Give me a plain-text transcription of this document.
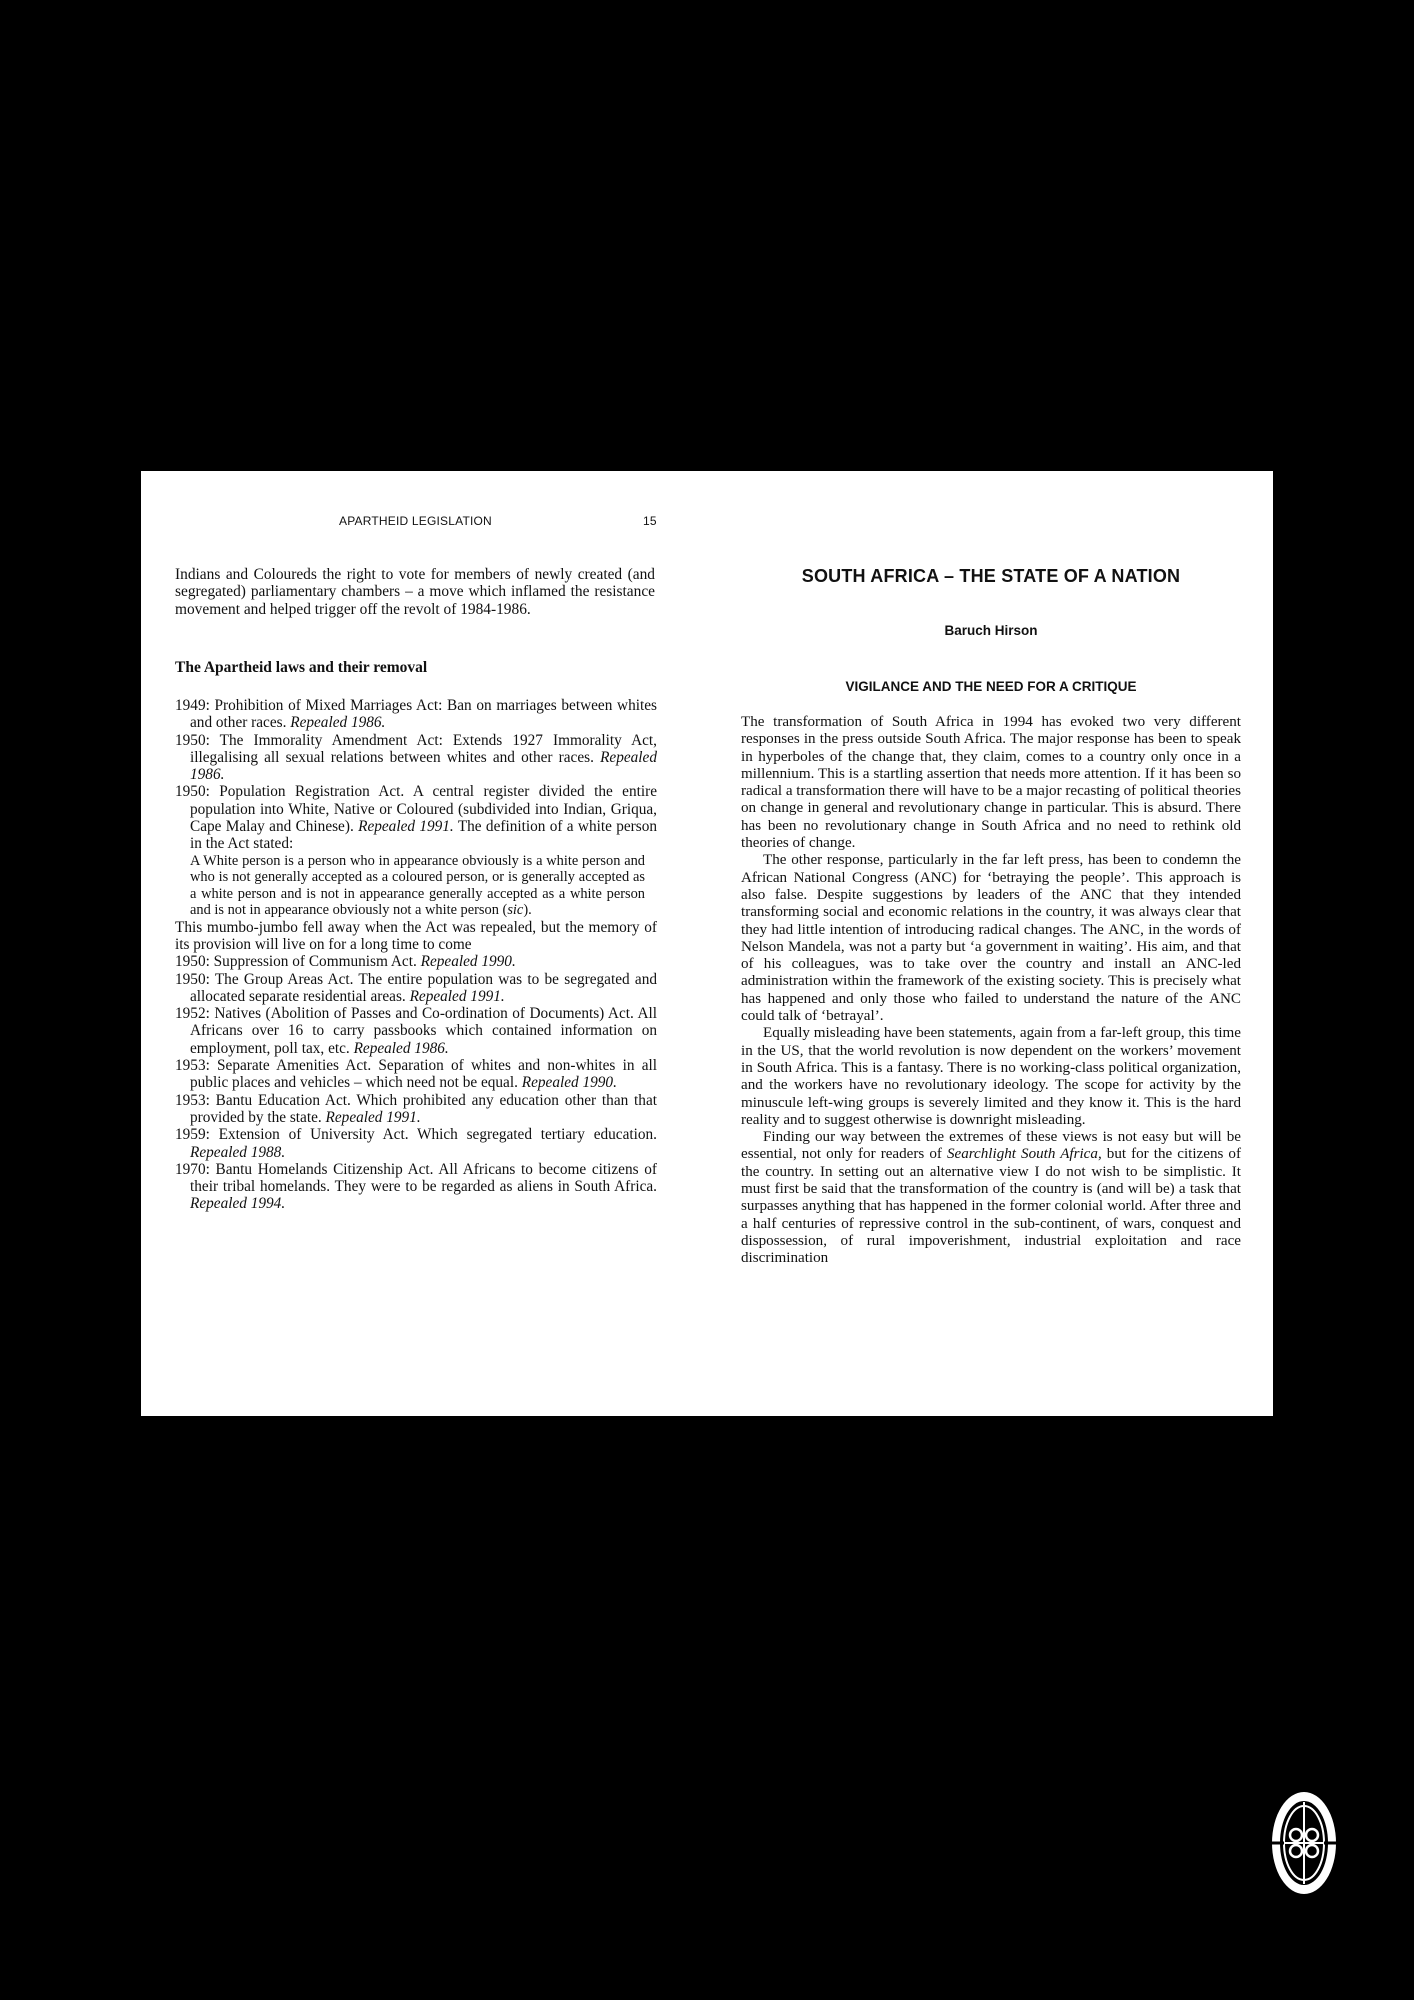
APARTHEID LEGISLATION	15

Indians and Coloureds the right to vote for members of newly created (and segregated) parliamentary chambers – a move which inflamed the resistance movement and helped trigger off the revolt of 1984-1986.

The Apartheid laws and their removal

1949: Prohibition of Mixed Marriages Act: Ban on marriages between whites and other races. Repealed 1986.

1950: The Immorality Amendment Act: Extends 1927 Immorality Act, illegalising all sexual relations between whites and other races. Repealed 1986.

1950: Population Registration Act. A central register divided the entire population into White, Native or Coloured (subdivided into Indian, Griqua, Cape Malay and Chinese). Repealed 1991. The definition of a white person in the Act stated:

A White person is a person who in appearance obviously is a white person and who is not generally accepted as a coloured person, or is generally accepted as a white person and is not in appearance generally accepted as a white person and is not in appearance obviously not a white person (sic).

This mumbo-jumbo fell away when the Act was repealed, but the memory of its provision will live on for a long time to come

1950: Suppression of Communism Act. Repealed 1990.

1950: The Group Areas Act. The entire population was to be segregated and allocated separate residential areas. Repealed 1991.

1952: Natives (Abolition of Passes and Co-ordination of Documents) Act. All Africans over 16 to carry passbooks which contained information on employment, poll tax, etc. Repealed 1986.

1953: Separate Amenities Act. Separation of whites and non-whites in all public places and vehicles – which need not be equal. Repealed 1990.

1953: Bantu Education Act. Which prohibited any education other than that provided by the state. Repealed 1991.

1959: Extension of University Act. Which segregated tertiary education. Repealed 1988.

1970: Bantu Homelands Citizenship Act. All Africans to become citizens of their tribal homelands. They were to be regarded as aliens in South Africa. Repealed 1994.

SOUTH AFRICA – THE STATE OF A NATION
Baruch Hirson
VIGILANCE AND THE NEED FOR A CRITIQUE

The transformation of South Africa in 1994 has evoked two very different responses in the press outside South Africa. The major response has been to speak in hyperboles of the change that, they claim, comes to a country only once in a millennium. This is a startling assertion that needs more attention. If it has been so radical a transformation there will have to be a major recasting of political theories on change in general and revolutionary change in particular. This is absurd. There has been no revolutionary change in South Africa and no need to rethink old theories of change.

The other response, particularly in the far left press, has been to condemn the African National Congress (ANC) for ‘betraying the people’. This approach is also false. Despite suggestions by leaders of the ANC that they intended transforming social and economic relations in the country, it was always clear that they had little intention of introducing radical changes. The ANC, in the words of Nelson Mandela, was not a party but ‘a government in waiting’. His aim, and that of his colleagues, was to take over the country and install an ANC-led administration within the framework of the existing society. This is precisely what has happened and only those who failed to understand the nature of the ANC could talk of ‘betrayal’.

Equally misleading have been statements, again from a far-left group, this time in the US, that the world revolution is now dependent on the workers’ movement in South Africa. This is a fantasy. There is no working-class political organization, and the workers have no revolutionary ideology. The scope for activity by the minuscule left-wing groups is severely limited and they know it. This is the hard reality and to suggest otherwise is downright misleading.

Finding our way between the extremes of these views is not easy but will be essential, not only for readers of Searchlight South Africa, but for the citizens of the country. In setting out an alternative view I do not wish to be simplistic. It must first be said that the transformation of the country is (and will be) a task that surpasses anything that has happened in the former colonial world. After three and a half centuries of repressive control in the sub-continent, of wars, conquest and dispossession, of rural impoverishment, industrial exploitation and race discrimination
